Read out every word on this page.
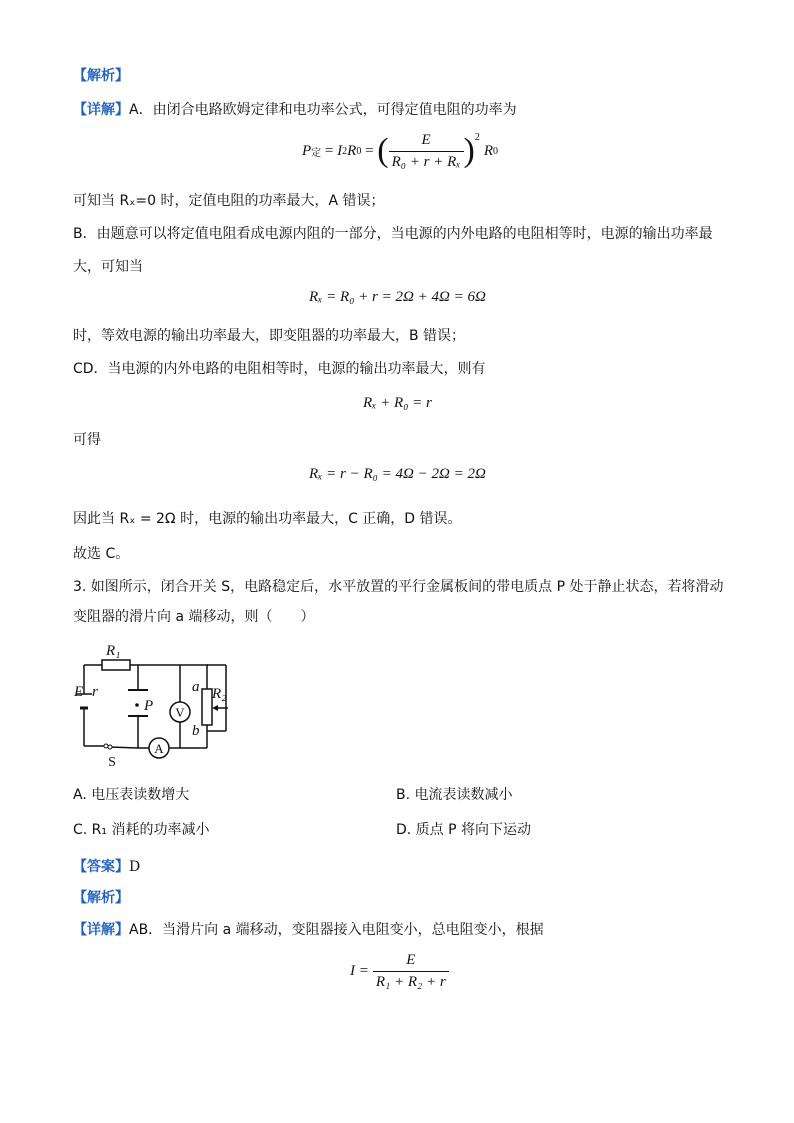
【解析】
【详解】A．由闭合电路欧姆定律和电功率公式，可得定值电阻的功率为
P 定 = I 2 R 0 = ( $\frac{E}{\text{R₀ + r + Rₓ}} )^2$
R 0
可知当 Rₓ=0 时，定值电阻的功率最大，A 错误；
B．由题意可以将定值电阻看成电源内阻的一部分，当电源的内外电路的电阻相等时，电源的输出功率最
大，可知当
Rₓ = R₀ + r = 2Ω + 4Ω = 6Ω
时，等效电源的输出功率最大，即变阻器的功率最大，B 错误；
CD．当电源的内外电路的电阻相等时，电源的输出功率最大，则有
Rₓ + R₀ = r
可得
Rₓ = r − R₀ = 4Ω − 2Ω = 2Ω
因此当 Rₓ = 2Ω 时，电源的输出功率最大，C 正确，D 错误。
故选 C。
3. 如图所示，闭合开关 S，电路稳定后，水平放置的平行金属板间的带电质点 P 处于静止状态，若将滑动
变阻器的滑片向 a 端移动，则（　　）
R₁
E r
P
a R₂
b
V
A
S
A. 电压表读数增大	B. 电流表读数减小
C. R₁ 消耗的功率减小	D. 质点 P 将向下运动
【答案】D
【解析】
【详解】AB．当滑片向 a 端移动，变阻器接入电阻变小，总电阻变小，根据
$I = \frac{E}{\text{R₁ + R₂ + r}}$
